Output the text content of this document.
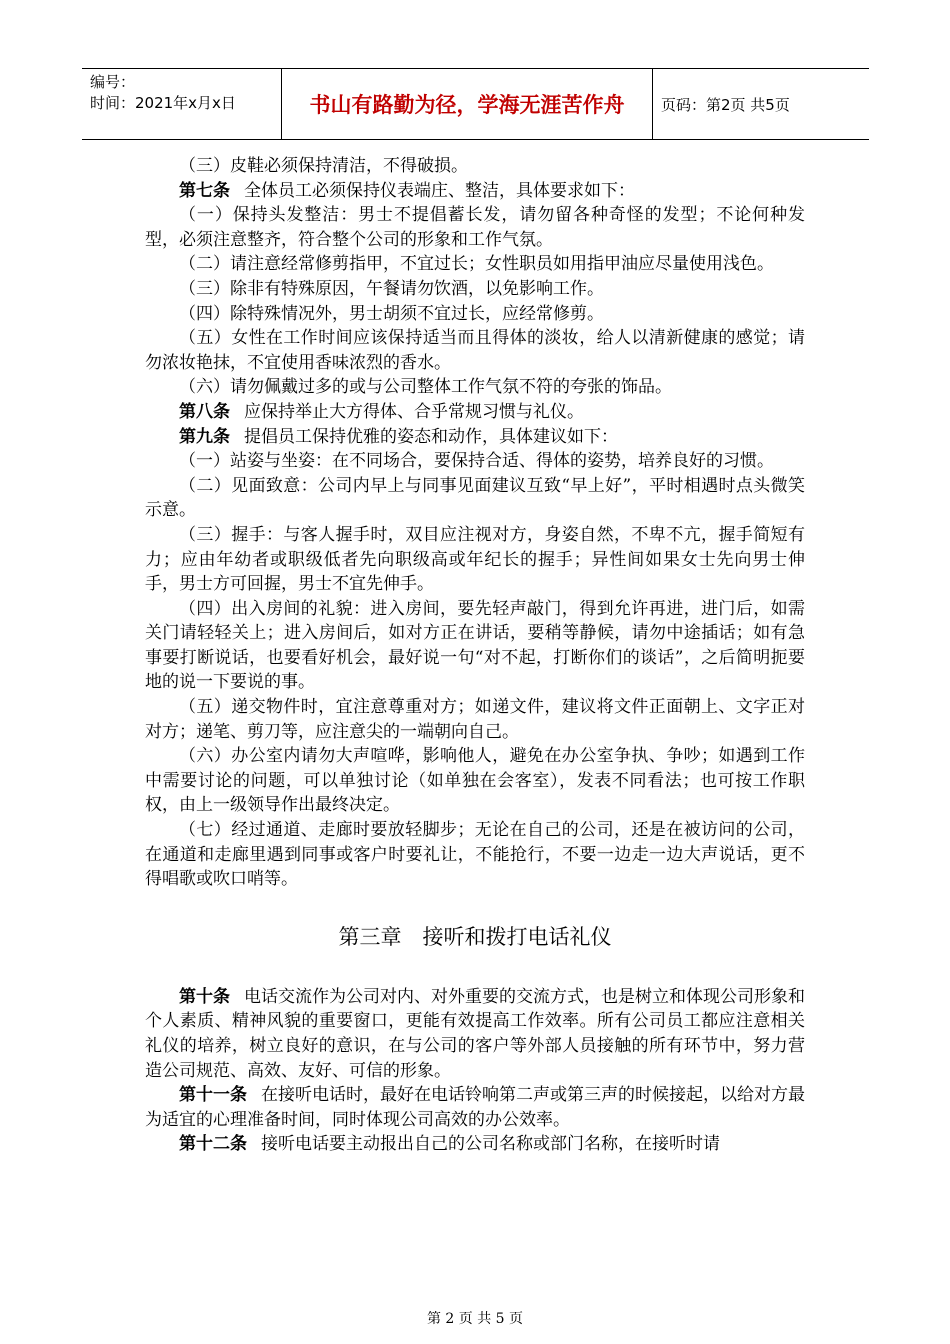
编号：
时间：2021年x月x日	书山有路勤为径，学海无涯苦作舟	页码：第2页 共5页

（三）皮鞋必须保持清洁，不得破损。

第七条 全体员工必须保持仪表端庄、整洁，具体要求如下：

（一）保持头发整洁：男士不提倡蓄长发，请勿留各种奇怪的发型；不论何种发型，必须注意整齐，符合整个公司的形象和工作气氛。

（二）请注意经常修剪指甲，不宜过长；女性职员如用指甲油应尽量使用浅色。

（三）除非有特殊原因，午餐请勿饮酒，以免影响工作。

（四）除特殊情况外，男士胡须不宜过长，应经常修剪。

（五）女性在工作时间应该保持适当而且得体的淡妆，给人以清新健康的感觉；请勿浓妆艳抹，不宜使用香味浓烈的香水。

（六）请勿佩戴过多的或与公司整体工作气氛不符的夸张的饰品。

第八条 应保持举止大方得体、合乎常规习惯与礼仪。

第九条 提倡员工保持优雅的姿态和动作，具体建议如下：

（一）站姿与坐姿：在不同场合，要保持合适、得体的姿势，培养良好的习惯。

（二）见面致意：公司内早上与同事见面建议互致“早上好”，平时相遇时点头微笑示意。

（三）握手：与客人握手时，双目应注视对方，身姿自然，不卑不亢，握手简短有力；应由年幼者或职级低者先向职级高或年纪长的握手；异性间如果女士先向男士伸手，男士方可回握，男士不宜先伸手。

（四）出入房间的礼貌：进入房间，要先轻声敲门，得到允许再进，进门后，如需关门请轻轻关上；进入房间后，如对方正在讲话，要稍等静候，请勿中途插话；如有急事要打断说话，也要看好机会，最好说一句“对不起，打断你们的谈话”，之后简明扼要地的说一下要说的事。

（五）递交物件时，宜注意尊重对方；如递文件，建议将文件正面朝上、文字正对对方；递笔、剪刀等，应注意尖的一端朝向自己。

（六）办公室内请勿大声喧哗，影响他人，避免在办公室争执、争吵；如遇到工作中需要讨论的问题，可以单独讨论（如单独在会客室），发表不同看法；也可按工作职权，由上一级领导作出最终决定。

（七）经过通道、走廊时要放轻脚步；无论在自己的公司，还是在被访问的公司，在通道和走廊里遇到同事或客户时要礼让，不能抢行，不要一边走一边大声说话，更不得唱歌或吹口哨等。

第三章　接听和拨打电话礼仪

第十条 电话交流作为公司对内、对外重要的交流方式，也是树立和体现公司形象和个人素质、精神风貌的重要窗口，更能有效提高工作效率。所有公司员工都应注意相关礼仪的培养，树立良好的意识，在与公司的客户等外部人员接触的所有环节中，努力营造公司规范、高效、友好、可信的形象。

第十一条 在接听电话时，最好在电话铃响第二声或第三声的时候接起，以给对方最为适宜的心理准备时间，同时体现公司高效的办公效率。

第十二条 接听电话要主动报出自己的公司名称或部门名称，在接听时请

第 2 页 共 5 页
